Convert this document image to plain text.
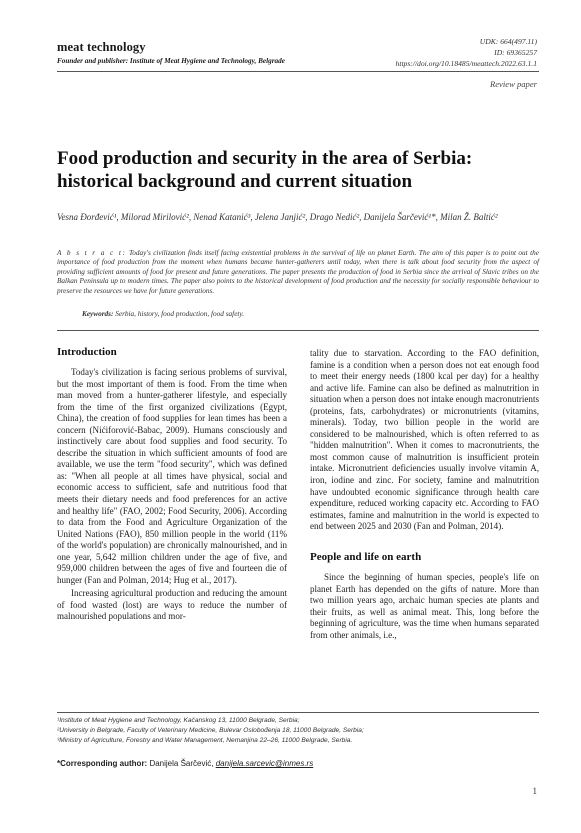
meat technology
Founder and publisher: Institute of Meat Hygiene and Technology, Belgrade
UDK: 664(497.11)
ID: 69365257
https://doi.org/10.18485/meattech.2022.63.1.1
Review paper
Food production and security in the area of Serbia: historical background and current situation
Vesna Đorđević¹, Milorad Mirilović², Nenad Katanić³, Jelena Janjić², Drago Nedić², Danijela Šarčević¹*, Milan Ž. Baltić²
A b s t r a c t: Today's civilization finds itself facing existential problems in the survival of life on planet Earth. The aim of this paper is to point out the importance of food production from the moment when humans became hunter-gatherers until today, when there is talk about food security from the aspect of providing sufficient amounts of food for present and future generations. The paper presents the production of food in Serbia since the arrival of Slavic tribes on the Balkan Peninsula up to modern times. The paper also points to the historical development of food production and the necessity for socially responsible behaviour to preserve the resources we have for future generations.
Keywords: Serbia, history, food production, food safety.
Introduction

Today's civilization is facing serious problems of survival, but the most important of them is food. From the time when man moved from a hunter-gatherer lifestyle, and especially from the time of the first organized civilizations (Egypt, China), the creation of food supplies for lean times has been a concern (Nićiforović-Babac, 2009). Humans consciously and instinctively care about food supplies and food security. To describe the situation in which sufficient amounts of food are available, we use the term "food security", which was defined as: "When all people at all times have physical, social and economic access to sufficient, safe and nutritious food that meets their dietary needs and food preferences for an active and healthy life" (FAO, 2002; Food Security, 2006). According to data from the Food and Agriculture Organization of the United Nations (FAO), 850 million people in the world (11% of the world's population) are chronically malnourished, and in one year, 5,642 million children under the age of five, and 959,000 children between the ages of five and fourteen die of hunger (Fan and Polman, 2014; Hug et al., 2017).

Increasing agricultural production and reducing the amount of food wasted (lost) are ways to reduce the number of malnourished populations and mor-

tality due to starvation. According to the FAO definition, famine is a condition when a person does not eat enough food to meet their energy needs (1800 kcal per day) for a healthy and active life. Famine can also be defined as malnutrition in situation when a person does not intake enough macronutrients (proteins, fats, carbohydrates) or micronutrients (vitamins, minerals). Today, two billion people in the world are considered to be malnourished, which is often referred to as "hidden malnutrition". When it comes to macronutrients, the most common cause of malnutrition is insufficient protein intake. Micronutrient deficiencies usually involve vitamin A, iron, iodine and zinc. For society, famine and malnutrition have undoubted economic significance through health care expenditure, reduced working capacity etc. According to FAO estimates, famine and malnutrition in the world is expected to end between 2025 and 2030 (Fan and Polman, 2014).

People and life on earth

Since the beginning of human species, people's life on planet Earth has depended on the gifts of nature. More than two million years ago, archaic human species ate plants and their fruits, as well as animal meat. This, long before the beginning of agriculture, was the time when humans separated from other animals, i.e.,

¹Institute of Meat Hygiene and Technology, Kačanskog 13, 11000 Belgrade, Serbia;
²University in Belgrade, Faculty of Veterinary Medicine, Bulevar Oslobođenja 18, 11000 Belgrade, Serbia;
³Ministry of Agriculture, Forestry and Water Management, Nemanjina 22–26, 11000 Belgrade, Serbia.
*Corresponding author: Danijela Šarčević, danijela.sarcevic@inmes.rs
1
